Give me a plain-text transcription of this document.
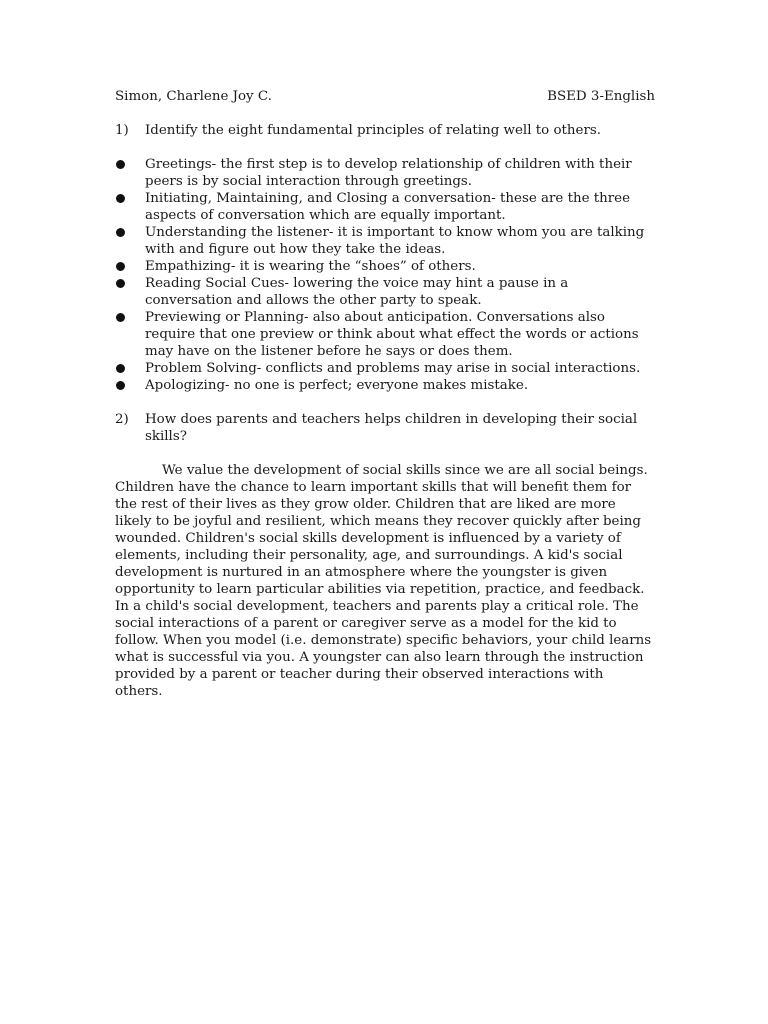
Simon, Charlene Joy C.	BSED 3-English
1)	Identify the eight fundamental principles of relating well to others.
Greetings- the first step is to develop relationship of children with their peers is by social interaction through greetings.
Initiating, Maintaining, and Closing a conversation- these are the three aspects of conversation which are equally important.
Understanding the listener- it is important to know whom you are talking with and figure out how they take the ideas.
Empathizing- it is wearing the “shoes” of others.
Reading Social Cues- lowering the voice may hint a pause in a conversation and allows the other party to speak.
Previewing or Planning- also about anticipation. Conversations also require that one preview or think about what effect the words or actions may have on the listener before he says or does them.
Problem Solving- conflicts and problems may arise in social interactions.
Apologizing- no one is perfect; everyone makes mistake.
2)	How does parents and teachers helps children in developing their social skills?

We value the development of social skills since we are all social beings. Children have the chance to learn important skills that will benefit them for the rest of their lives as they grow older. Children that are liked are more likely to be joyful and resilient, which means they recover quickly after being wounded. Children's social skills development is influenced by a variety of elements, including their personality, age, and surroundings. A kid's social development is nurtured in an atmosphere where the youngster is given opportunity to learn particular abilities via repetition, practice, and feedback. In a child's social development, teachers and parents play a critical role. The social interactions of a parent or caregiver serve as a model for the kid to follow. When you model (i.e. demonstrate) specific behaviors, your child learns what is successful via you. A youngster can also learn through the instruction provided by a parent or teacher during their observed interactions with others.
